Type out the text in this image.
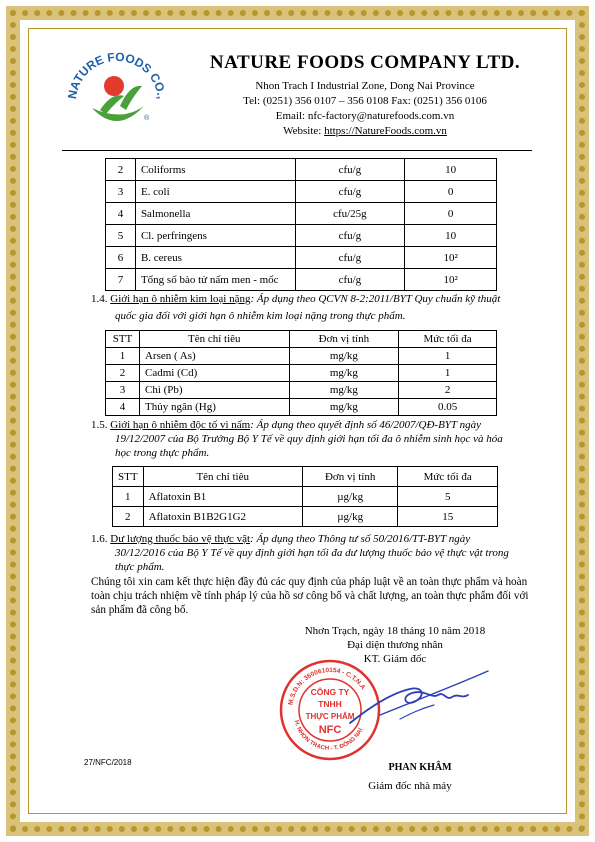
NATURE FOODS CO.,
®
NATURE FOODS COMPANY LTD.
Nhon Trach I Industrial Zone, Dong Nai Province
Tel: (0251) 356 0107 – 356 0108 Fax: (0251) 356 0106
Email: nfc-factory@naturefoods.com.vn
Website: https://NatureFoods.com.vn
2	Coliforms	cfu/g	10
3	E. coli	cfu/g	0
4	Salmonella	cfu/25g	0
5	Cl. perfringens	cfu/g	10
6	B. cereus	cfu/g	10²
7	Tổng số bào tử nấm men - mốc	cfu/g	10²
1.4. Giới hạn ô nhiễm kim loại nặng: Áp dụng theo QCVN 8-2:2011/BYT Quy chuẩn kỹ thuật
quốc gia đối với giới hạn ô nhiễm kim loại nặng trong thực phẩm.
STT	Tên chỉ tiêu	Đơn vị tính	Mức tối đa
1	Arsen ( As)	mg/kg	1
2	Cadmi (Cd)	mg/kg	1
3	Chì (Pb)	mg/kg	2
4	Thủy ngân (Hg)	mg/kg	0.05
1.5. Giới hạn ô nhiễm độc tố vi nấm: Áp dụng theo quyết định số 46/2007/QĐ-BYT ngày
19/12/2007 của Bộ Trưởng Bộ Y Tế về quy định giới hạn tối đa ô nhiễm sinh học và hóa
học trong thực phẩm.
STT	Tên chỉ tiêu	Đơn vị tính	Mức tối đa
1	Aflatoxin B1	µg/kg	5
2	Aflatoxin B1B2G1G2	µg/kg	15
1.6. Dư lượng thuốc bảo vệ thực vật: Áp dụng theo Thông tư số 50/2016/TT-BYT ngày
30/12/2016 của Bộ Y Tế về quy định giới hạn tối đa dư lượng thuốc bảo vệ thực vật trong
thực phẩm.
Chúng tôi xin cam kết thực hiện đầy đủ các quy định của pháp luật về an toàn thực phẩm và hoàn
toàn chịu trách nhiệm về tính pháp lý của hồ sơ công bố và chất lượng, an toàn thực phẩm đối với
sản phẩm đã công bố.
Nhơn Trạch, ngày 18 tháng 10 năm 2018
Đại diện thương nhân
KT. Giám đốc
M.S.D.N: 3600610154 - C.T.N.A
H. NHƠN TRẠCH - T. ĐỒNG NAI
CÔNG TY
TNHH
THỰC PHẨM
NFC
PHAN KHÂM
Giám đốc nhà máy
27/NFC/2018
